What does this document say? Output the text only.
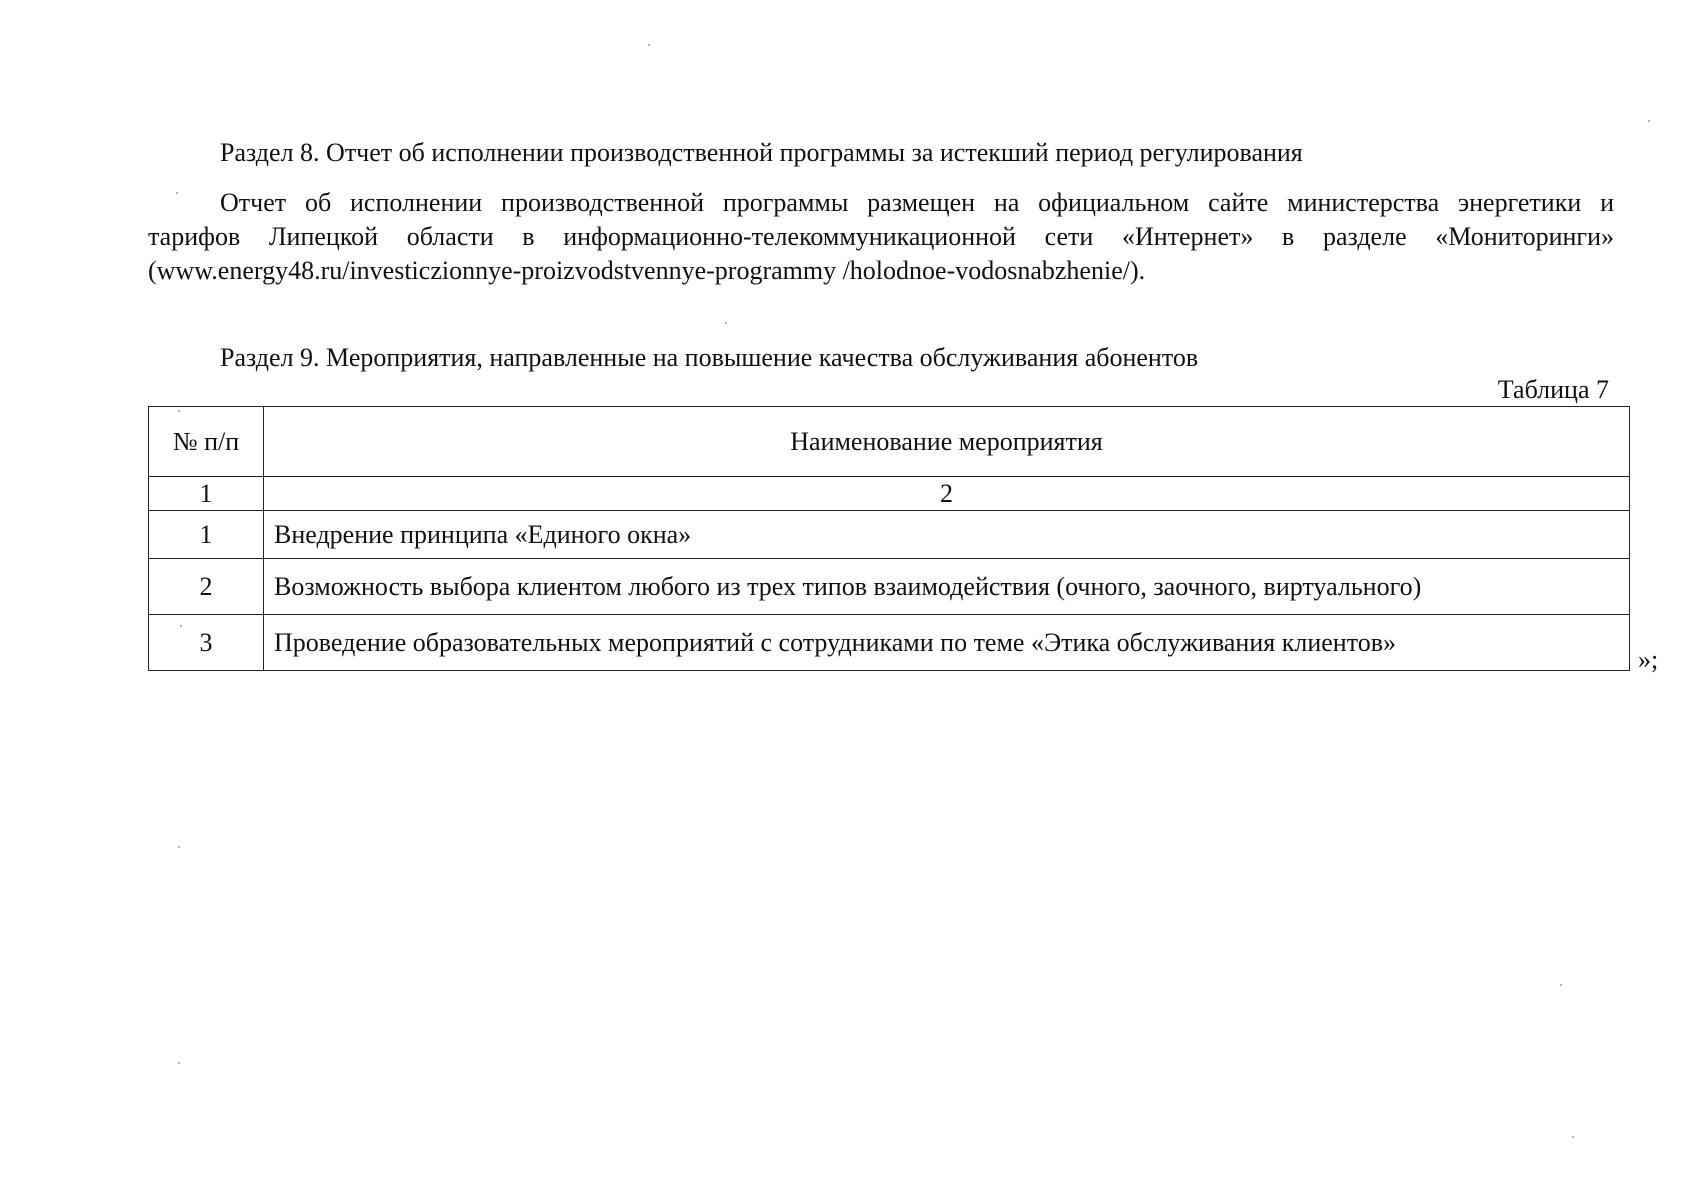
Раздел 8. Отчет об исполнении производственной программы за истекший период регулирования
Отчет об исполнении производственной программы размещен на официальном сайте министерства энергетики и
тарифов Липецкой области в информационно-телекоммуникационной сети «Интернет» в разделе «Мониторинги»
(www.energy48.ru/investiczionnye-proizvodstvennye-programmy /holodnoe-vodosnabzhenie/).
Раздел 9. Мероприятия, направленные на повышение качества обслуживания абонентов
Таблица 7
№ п/п	Наименование мероприятия
1	2
1	Внедрение принципа «Единого окна»
2	Возможность выбора клиентом любого из трех типов взаимодействия (очного, заочного, виртуального)
3	Проведение образовательных мероприятий с сотрудниками по теме «Этика обслуживания клиентов»
»;
